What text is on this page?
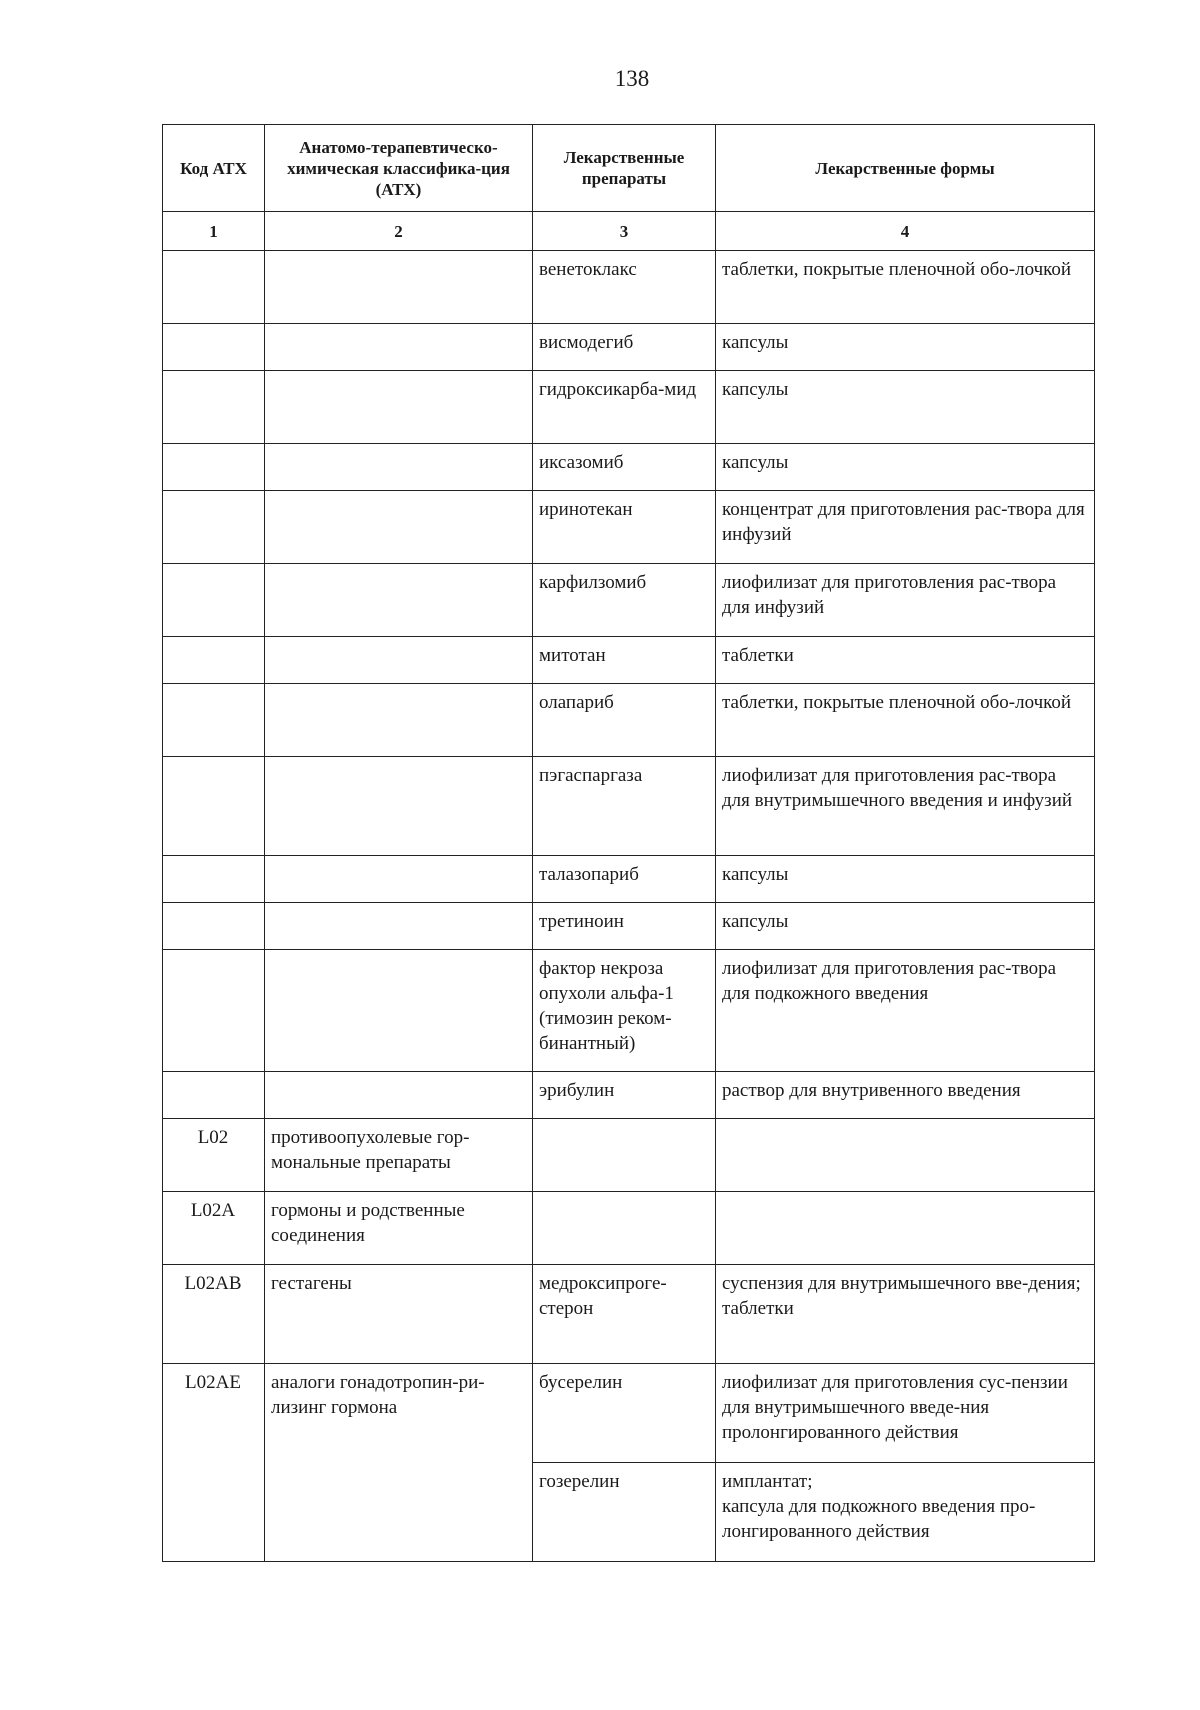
138
Код АТХ	Анатомо-терапевтическо-химическая классифика-ция (АТХ)	Лекарственные препараты	Лекарственные формы
1	2	3	4
		венетоклакс	таблетки, покрытые пленочной обо-лочкой
		висмодегиб	капсулы
		гидроксикарба-мид	капсулы
		иксазомиб	капсулы
		иринотекан	концентрат для приготовления рас-твора для инфузий
		карфилзомиб	лиофилизат для приготовления рас-твора для инфузий
		митотан	таблетки
		олапариб	таблетки, покрытые пленочной обо-лочкой
		пэгаспаргаза	лиофилизат для приготовления рас-твора для внутримышечного введения и инфузий
		талазопариб	капсулы
		третиноин	капсулы
		фактор некроза опухоли альфа-1 (тимозин реком-бинантный)	лиофилизат для приготовления рас-твора для подкожного введения
		эрибулин	раствор для внутривенного введения
L02	противоопухолевые гор-мональные препараты		
L02A	гормоны и родственные соединения		
L02AB	гестагены	медроксипроге-стерон	суспензия для внутримышечного вве-дения;
таблетки

L02AE	аналоги гонадотропин-ри-лизинг гормона	бусерелин	лиофилизат для приготовления сус-пензии для внутримышечного введе-ния пролонгированного действия
		гозерелин	имплантат;
капсула для подкожного введения про-лонгированного действия
